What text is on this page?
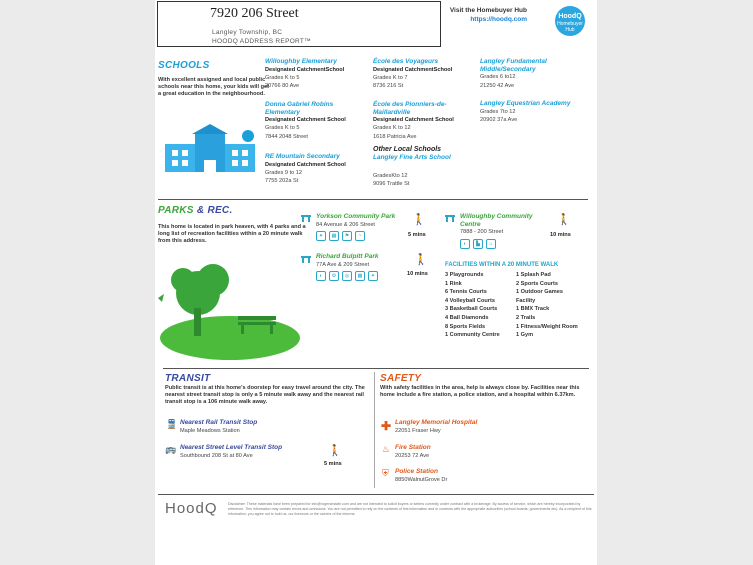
7920 206 Street
Langley Township, BC
HOODQ ADDRESS REPORT™
Visit the Homebuyer Hub
https://hoodq.com	HoodQ
Homebuyer Hub
SCHOOLS
With excellent assigned and local public schools near this home, your kids will get a great education in the neighbourhood.
Willoughby Elementary
Designated CatchmentSchool
Grades K to 5
20766 80 Ave
Donna Gabriel Robins Elementary
Designated Catchment School
Grades K to 5
7844 2048 Street
RE Mountain Secondary
Designated Catchment School
Grades 9 to 12
7755 202a St
École des Voyageurs
Designated CatchmentSchool
Grades K to 7
8736 216 St
École des Pionniers-de-Maillardville
Designated Catchment School
Grades K to 12
1618 Patricia Ave
Other Local Schools
Langley Fine Arts School
GradesKto 12
9096 Trattle St
Langley Fundamental Middle/Secondary
Grades 6 to12
21250 42 Ave
Langley Equestrian Academy
Grades 7to 12
20902 37a Ave
PARKS & REC.
This home is located in park heaven, with 4 parks and a long list of recreation facilities within a 20 minute walk from this address.
Yorkson Community Park
84 Avenue & 206 Street
✦	▦	⚑	~
🚶
5 mins
Willoughby Community Centre
7888 - 200 Street
◐	▙	⌂
🚶
10 mins
Richard Bulpitt Park
77A Ave & 209 Street
◐	⚙	◎	▦	✦
🚶
10 mins
FACILITIES WITHIN A 20 MINUTE WALK
3 Playgrounds
1 Rink
6 Tennis Courts
4 Volleyball Courts
3 Basketball Courts
4 Ball Diamonds
8 Sports Fields
1 Community Centre
1 Splash Pad
2 Sports Courts
1 Outdoor Games
Facility
1 BMX Track
2 Trails
1 Fitness/Weight Room
1 Gym
TRANSIT
Public transit is at this home's doorstep for easy travel around the city. The nearest street transit stop is only a 5 minute walk away and the nearest rail transit stop is a 106 minute walk away.
🚆 Nearest Rail Transit Stop
Maple Meadows Station
🚌 Nearest Street Level Transit Stop
Southbound 208 St at 80 Ave	🚶
5 mins
SAFETY
With safety facilities in the area, help is always close by. Facilities near this home include a fire station, a police station, and a hospital within 6.37km.
✚ Langley Memorial Hospital
22051 Fraser Hwy
♨ Fire Station
20253 72 Ave
⛨ Police Station
8850WalnutGrove Dr
HoodQ	Disclaimer: These materials have been prepared for info@rogersestate.com and are not intended to solicit buyers or sellers currently under contract with a brokerage. By access of service, which are hereby incorporated by reference. This information may contain errors and omissions. You are not permitted to rely on the contents of this information and m contents with the appropriate authorities (school boards, governments etc). As a recipient of this information, you agree not to hold us, our licensors or the owners of the informa
